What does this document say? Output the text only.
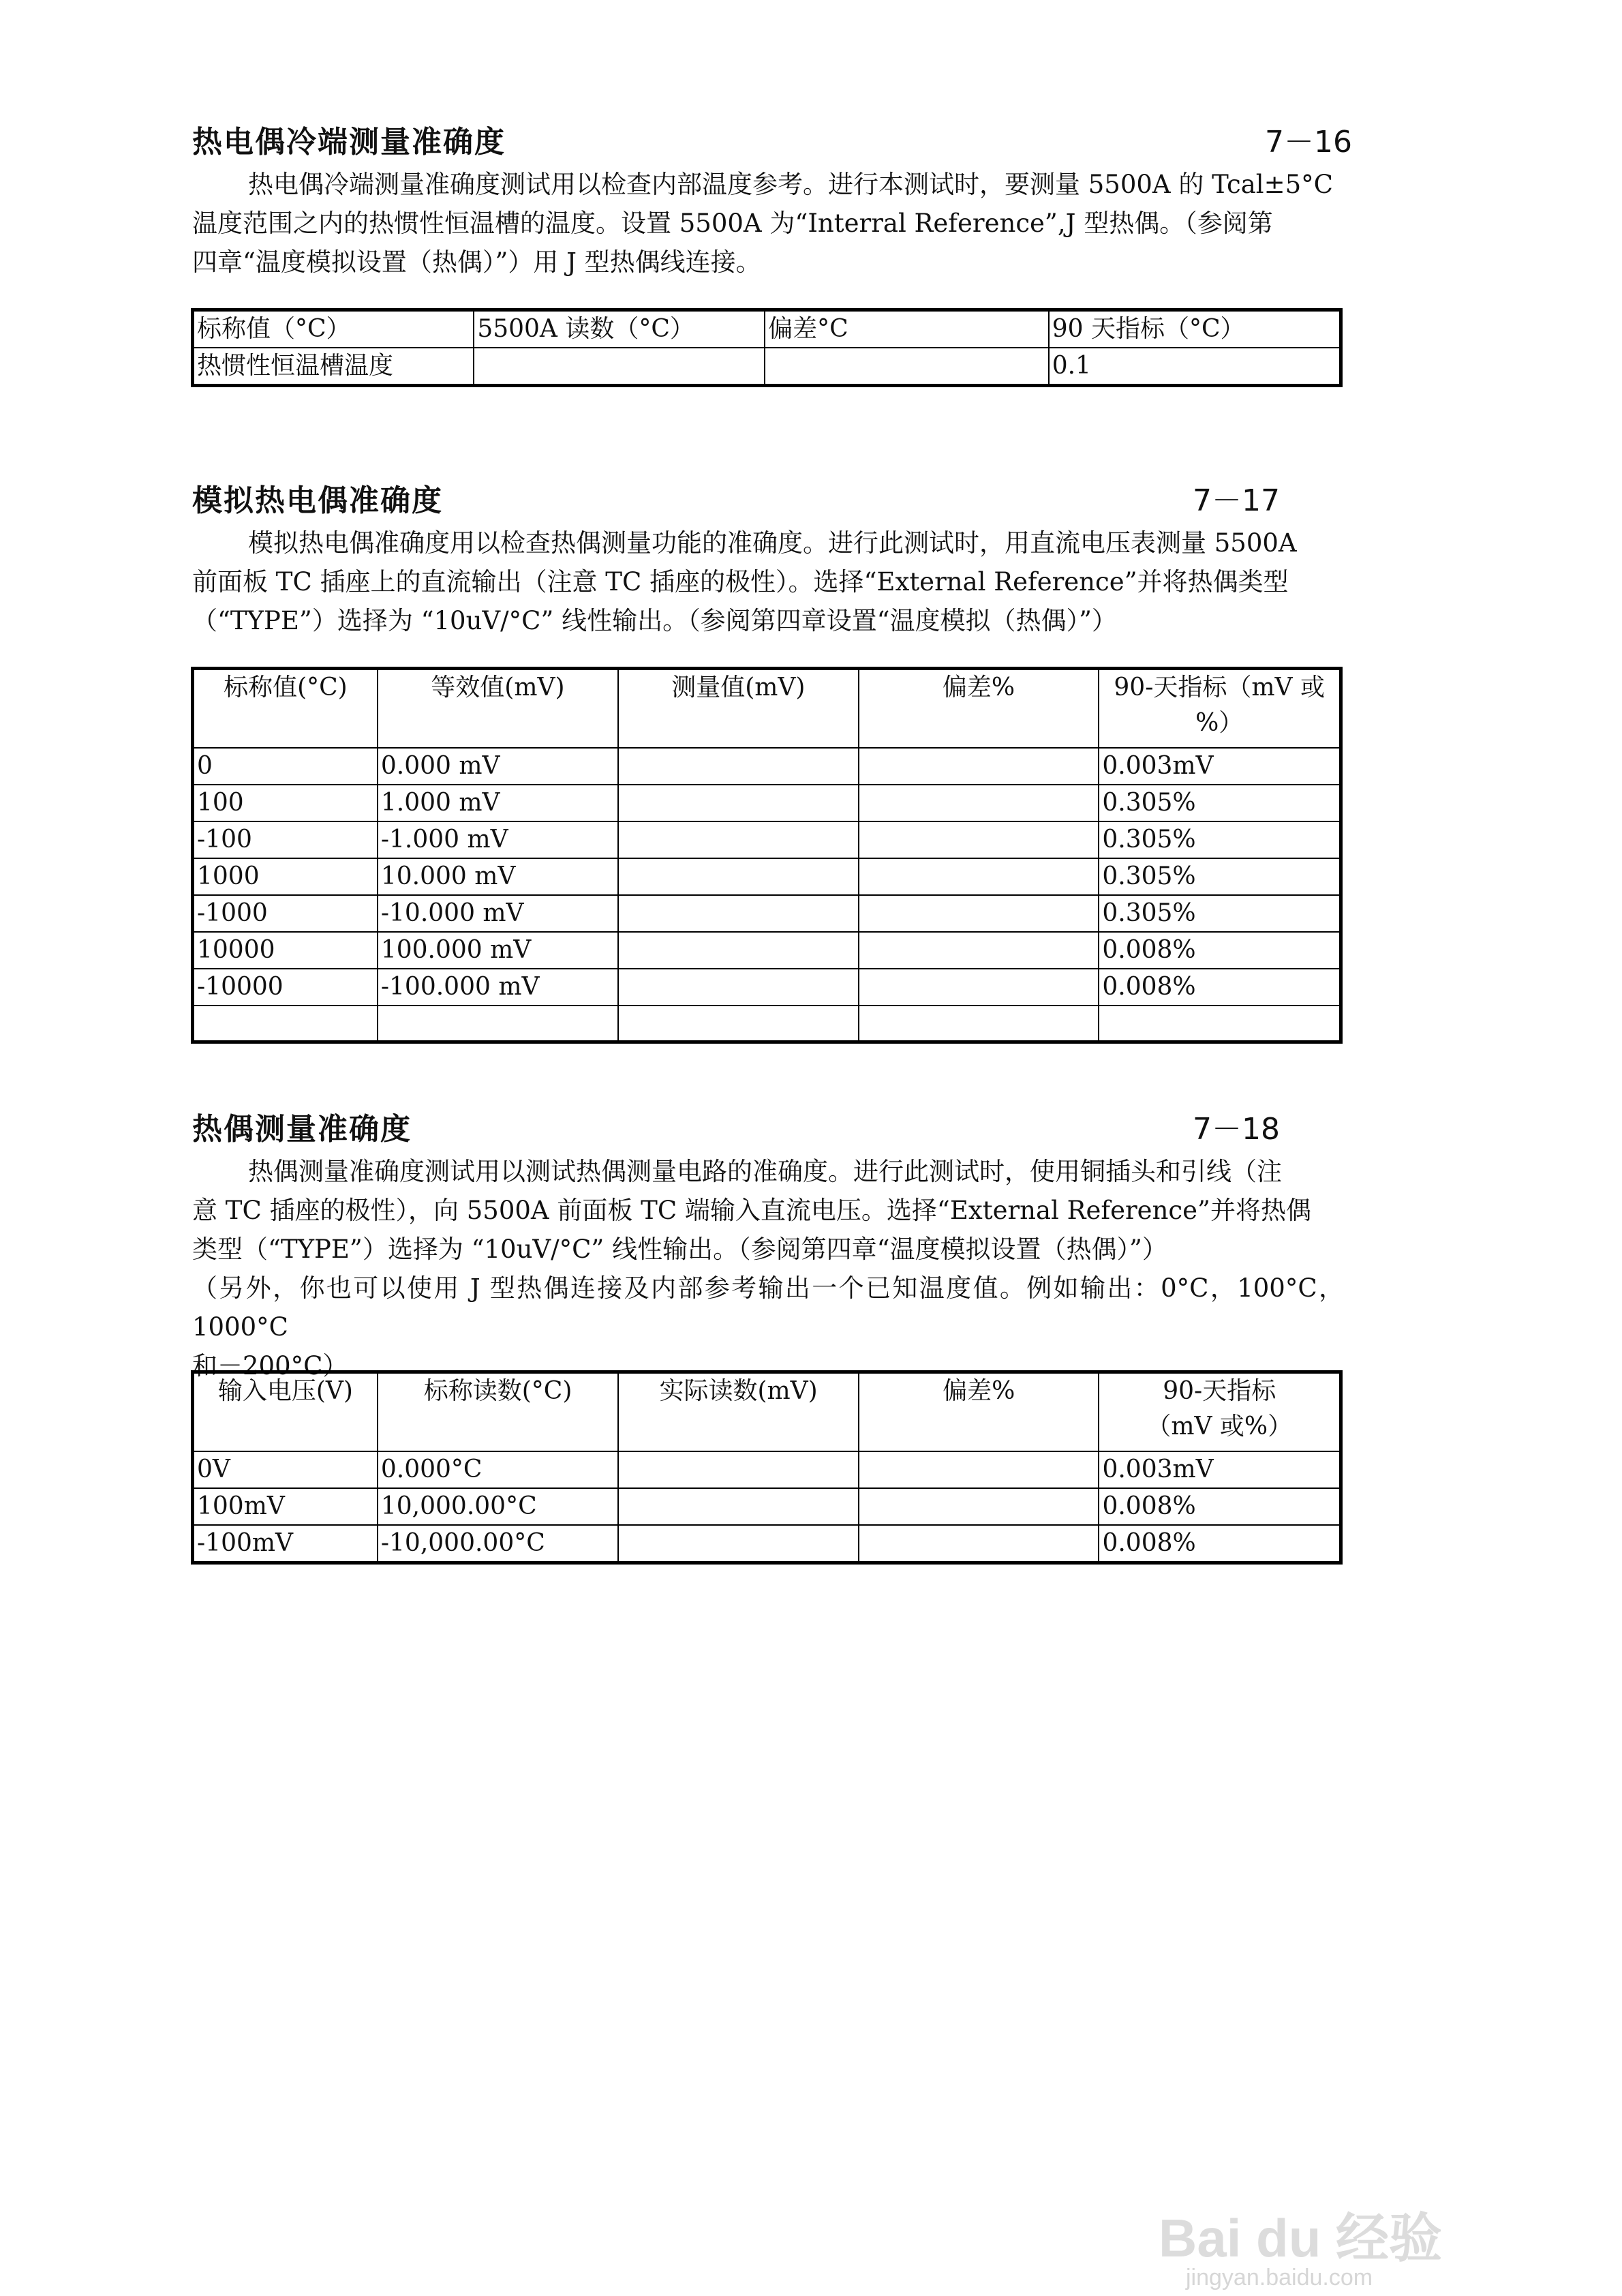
热电偶冷端测量准确度	7－16

热电偶冷端测量准确度测试用以检查内部温度参考。进行本测试时，要测量 5500A 的 Tcal±5°C
温度范围之内的热惯性恒温槽的温度。设置 5500A 为“Interral Reference”,J 型热偶。（参阅第
四章“温度模拟设置（热偶）”）用 J 型热偶线连接。

标称值（°C）	5500A 读数（°C）	偏差°C	90 天指标（°C）
热惯性恒温槽温度			0.1
模拟热电偶准确度	7－17

模拟热电偶准确度用以检查热偶测量功能的准确度。进行此测试时，用直流电压表测量 5500A
前面板 TC 插座上的直流输出（注意 TC 插座的极性）。选择“External Reference”并将热偶类型
（“TYPE”）选择为 “10uV/°C” 线性输出。（参阅第四章设置“温度模拟（热偶）”）

标称值(°C)	等效值(mV)	测量值(mV)	偏差%	90-天指标（mV 或
%）
0	0.000 mV			0.003mV
100	1.000 mV			0.305%
-100	-1.000 mV			0.305%
1000	10.000 mV			0.305%
-1000	-10.000 mV			0.305%
10000	100.000 mV			0.008%
-10000	-100.000 mV			0.008%

热偶测量准确度	7－18

热偶测量准确度测试用以测试热偶测量电路的准确度。进行此测试时，使用铜插头和引线（注
意 TC 插座的极性），向 5500A 前面板 TC 端输入直流电压。选择“External Reference”并将热偶
类型（“TYPE”）选择为 “10uV/°C” 线性输出。（参阅第四章“温度模拟设置（热偶）”）
（另外，你也可以使用 J 型热偶连接及内部参考输出一个已知温度值。例如输出：0°C，100°C，1000°C
和－200°C）

输入电压(V)	标称读数(°C)	实际读数(mV)	偏差%	90-天指标
（mV 或%）
0V	0.000°C			0.003mV
100mV	10,000.00°C			0.008%
-100mV	-10,000.00°C			0.008%
Bai du 经验
jingyan.baidu.com
